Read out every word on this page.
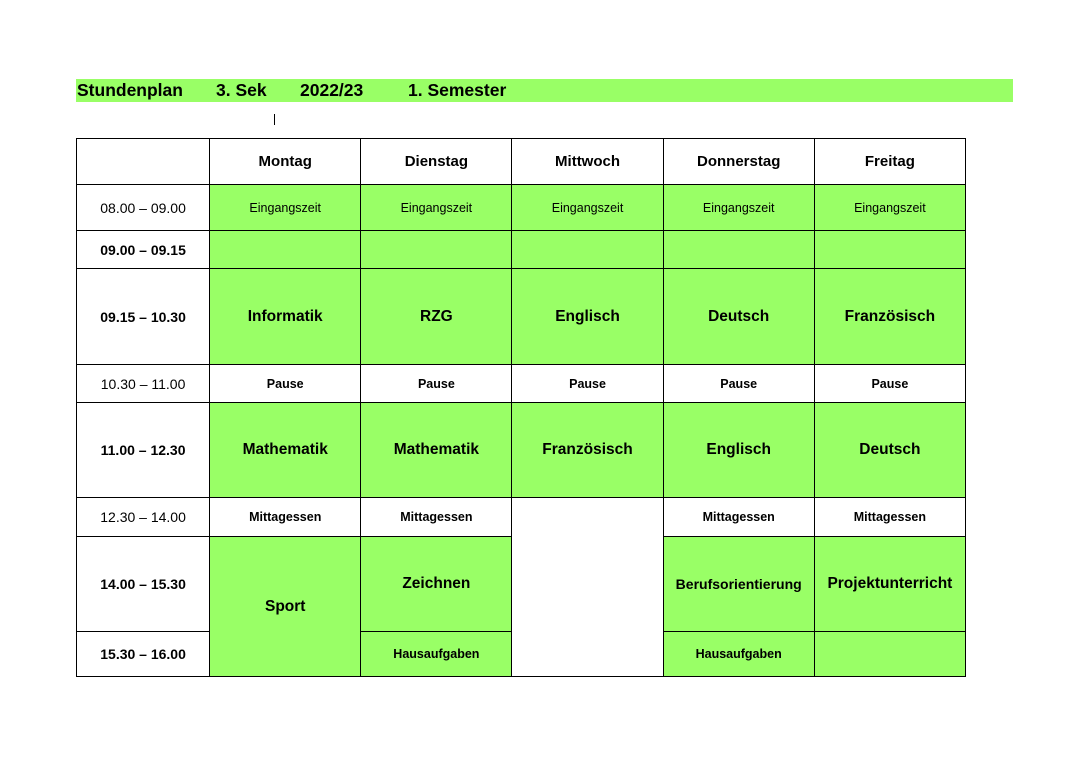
Stundenplan 3. Sek 2022/23	1. Semester
	Montag	Dienstag	Mittwoch	Donnerstag	Freitag
08.00 – 09.00	Eingangszeit	Eingangszeit	Eingangszeit	Eingangszeit	Eingangszeit
09.00 – 09.15					
09.15 – 10.30	Informatik	RZG	Englisch	Deutsch	Französisch
10.30 – 11.00	Pause	Pause	Pause	Pause	Pause
11.00 – 12.30	Mathematik	Mathematik	Französisch	Englisch	Deutsch
12.30 – 14.00	Mittagessen	Mittagessen		Mittagessen	Mittagessen
14.00 – 15.30	Sport	Zeichnen		Berufsorientierung	Projektunterricht
15.30 – 16.00		Hausaufgaben		Hausaufgaben	
